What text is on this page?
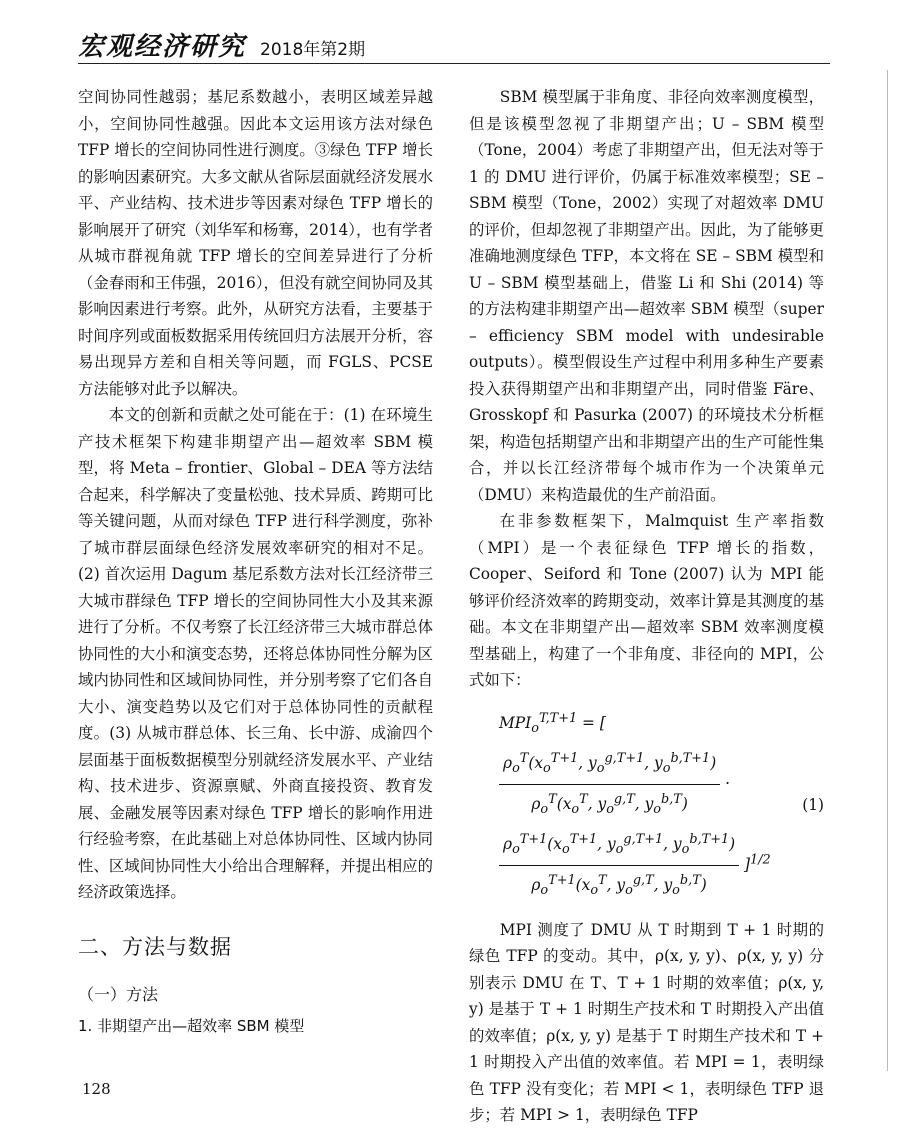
宏观经济研究 2018年第2期

空间协同性越弱；基尼系数越小，表明区域差异越小，空间协同性越强。因此本文运用该方法对绿色 TFP 增长的空间协同性进行测度。③绿色 TFP 增长的影响因素研究。大多文献从省际层面就经济发展水平、产业结构、技术进步等因素对绿色 TFP 增长的影响展开了研究（刘华军和杨骞，2014），也有学者从城市群视角就 TFP 增长的空间差异进行了分析（金春雨和王伟强，2016），但没有就空间协同及其影响因素进行考察。此外，从研究方法看，主要基于时间序列或面板数据采用传统回归方法展开分析，容易出现异方差和自相关等问题，而 FGLS、PCSE 方法能够对此予以解决。

本文的创新和贡献之处可能在于：(1) 在环境生产技术框架下构建非期望产出—超效率 SBM 模型，将 Meta – frontier、Global – DEA 等方法结合起来，科学解决了变量松弛、技术异质、跨期可比等关键问题，从而对绿色 TFP 进行科学测度，弥补了城市群层面绿色经济发展效率研究的相对不足。(2) 首次运用 Dagum 基尼系数方法对长江经济带三大城市群绿色 TFP 增长的空间协同性大小及其来源进行了分析。不仅考察了长江经济带三大城市群总体协同性的大小和演变态势，还将总体协同性分解为区域内协同性和区域间协同性，并分别考察了它们各自大小、演变趋势以及它们对于总体协同性的贡献程度。(3) 从城市群总体、长三角、长中游、成渝四个层面基于面板数据模型分别就经济发展水平、产业结构、技术进步、资源禀赋、外商直接投资、教育发展、金融发展等因素对绿色 TFP 增长的影响作用进行经验考察，在此基础上对总体协同性、区域内协同性、区域间协同性大小给出合理解释，并提出相应的经济政策选择。

二、方法与数据

（一）方法

1. 非期望产出—超效率 SBM 模型

SBM 模型属于非角度、非径向效率测度模型，但是该模型忽视了非期望产出；U – SBM 模型（Tone，2004）考虑了非期望产出，但无法对等于 1 的 DMU 进行评价，仍属于标准效率模型；SE – SBM 模型（Tone，2002）实现了对超效率 DMU 的评价，但却忽视了非期望产出。因此，为了能够更准确地测度绿色 TFP，本文将在 SE – SBM 模型和 U – SBM 模型基础上，借鉴 Li 和 Shi (2014) 等的方法构建非期望产出—超效率 SBM 模型（super – efficiency SBM model with undesirable outputs）。模型假设生产过程中利用多种生产要素投入获得期望产出和非期望产出，同时借鉴 Färe、Grosskopf 和 Pasurka (2007) 的环境技术分析框架，构造包括期望产出和非期望产出的生产可能性集合，并以长江经济带每个城市作为一个决策单元（DMU）来构造最优的生产前沿面。

在非参数框架下，Malmquist 生产率指数（MPI）是一个表征绿色 TFP 增长的指数，Cooper、Seiford 和 Tone (2007) 认为 MPI 能够评价经济效率的跨期变动，效率计算是其测度的基础。本文在非期望产出—超效率 SBM 效率测度模型基础上，构建了一个非角度、非径向的 MPI，公式如下：

$MPI_o^{T,T+1}$ = [
$\frac{\rho_o^T(x_o^{T+1}, y_o^{g,T+1}, y_o^{b,T+1})}{\rho_o^T(x_o^T, y_o^{g,T}, y_o^{b,T})}$ ·

$\frac{\rho_o^{T+1}(x_o^{T+1}, y_o^{g,T+1}, y_o^{b,T+1})}{\rho_o^{T+1}(x_o^T, y_o^{g,T}, y_o^{b,T})} ]^{1/2}$
(1)

MPI 测度了 DMU 从 T 时期到 T + 1 时期的绿色 TFP 的变动。其中，ρ(x, y, y)、ρ(x, y, y) 分别表示 DMU 在 T、T + 1 时期的效率值；ρ(x, y, y) 是基于 T + 1 时期生产技术和 T 时期投入产出值的效率值；ρ(x, y, y) 是基于 T 时期生产技术和 T + 1 时期投入产出值的效率值。若 MPI = 1，表明绿色 TFP 没有变化；若 MPI < 1，表明绿色 TFP 退步；若 MPI > 1，表明绿色 TFP

128
